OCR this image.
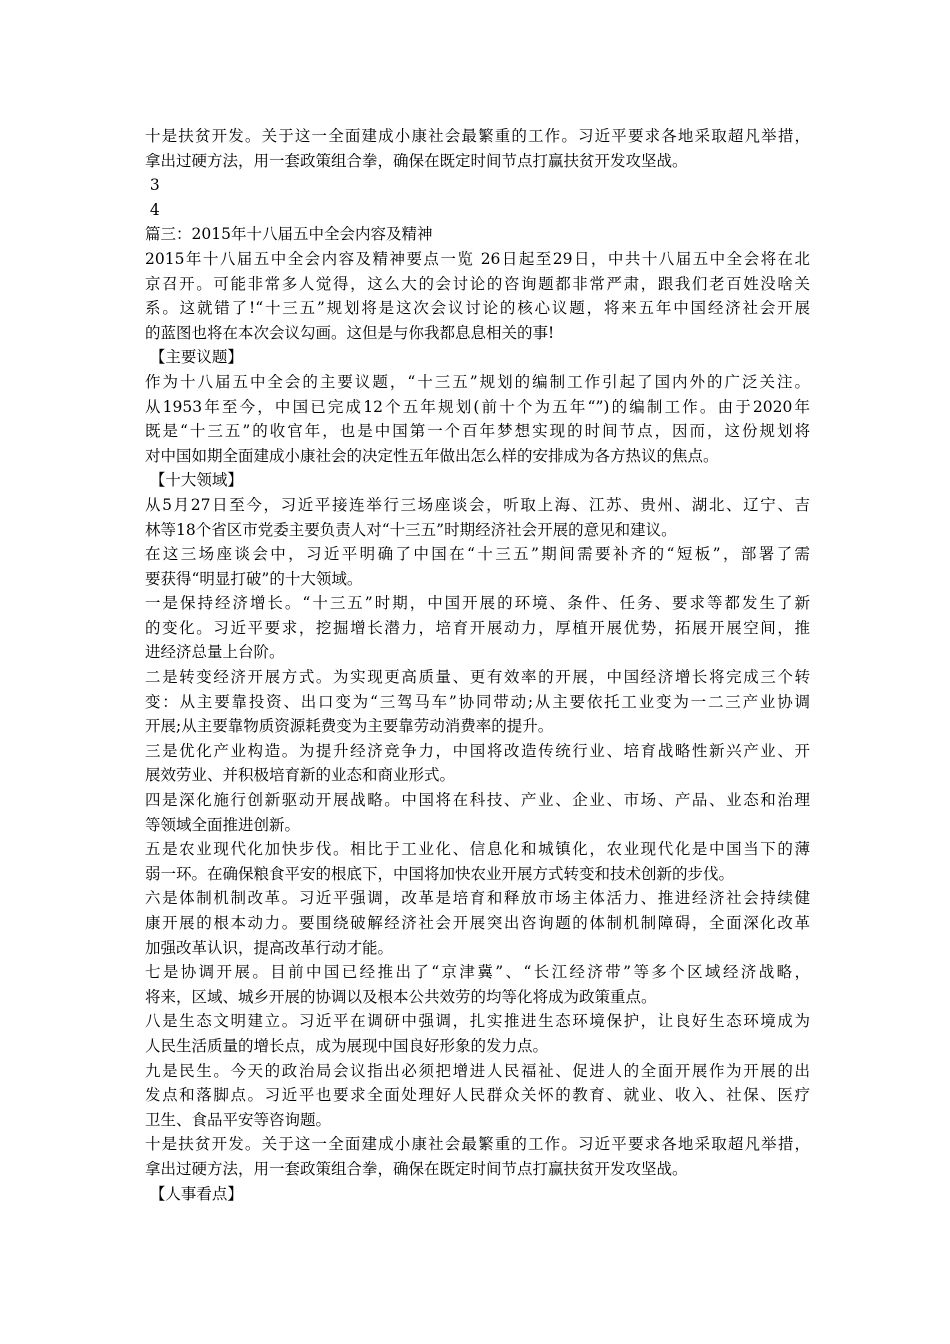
十是扶贫开发。关于这一全面建成小康社会最繁重的工作。习近平要求各地采取超凡举措，
拿出过硬方法，用一套政策组合拳，确保在既定时间节点打赢扶贫开发攻坚战。
3
4
篇三：2015年十八届五中全会内容及精神
2015年十八届五中全会内容及精神要点一览 26日起至29日，中共十八届五中全会将在北
京召开。可能非常多人觉得，这么大的会讨论的咨询题都非常严肃，跟我们老百姓没啥关
系。这就错了!“十三五”规划将是这次会议讨论的核心议题，将来五年中国经济社会开展
的蓝图也将在本次会议勾画。这但是与你我都息息相关的事!
【主要议题】
作为十八届五中全会的主要议题，“十三五”规划的编制工作引起了国内外的广泛关注。
从1953年至今，中国已完成12个五年规划(前十个为五年“”)的编制工作。由于2020年
既是“十三五”的收官年，也是中国第一个百年梦想实现的时间节点，因而，这份规划将
对中国如期全面建成小康社会的决定性五年做出怎么样的安排成为各方热议的焦点。
【十大领域】
从5月27日至今，习近平接连举行三场座谈会，听取上海、江苏、贵州、湖北、辽宁、吉
林等18个省区市党委主要负责人对“十三五”时期经济社会开展的意见和建议。
在这三场座谈会中，习近平明确了中国在“十三五”期间需要补齐的“短板”，部署了需
要获得“明显打破”的十大领域。
一是保持经济增长。“十三五”时期，中国开展的环境、条件、任务、要求等都发生了新
的变化。习近平要求，挖掘增长潜力，培育开展动力，厚植开展优势，拓展开展空间，推
进经济总量上台阶。
二是转变经济开展方式。为实现更高质量、更有效率的开展，中国经济增长将完成三个转
变：从主要靠投资、出口变为“三驾马车”协同带动;从主要依托工业变为一二三产业协调
开展;从主要靠物质资源耗费变为主要靠劳动消费率的提升。
三是优化产业构造。为提升经济竞争力，中国将改造传统行业、培育战略性新兴产业、开
展效劳业、并积极培育新的业态和商业形式。
四是深化施行创新驱动开展战略。中国将在科技、产业、企业、市场、产品、业态和治理
等领域全面推进创新。
五是农业现代化加快步伐。相比于工业化、信息化和城镇化，农业现代化是中国当下的薄
弱一环。在确保粮食平安的根底下，中国将加快农业开展方式转变和技术创新的步伐。
六是体制机制改革。习近平强调，改革是培育和释放市场主体活力、推进经济社会持续健
康开展的根本动力。要围绕破解经济社会开展突出咨询题的体制机制障碍，全面深化改革
加强改革认识，提高改革行动才能。
七是协调开展。目前中国已经推出了“京津冀”、“长江经济带”等多个区域经济战略，
将来，区域、城乡开展的协调以及根本公共效劳的均等化将成为政策重点。
八是生态文明建立。习近平在调研中强调，扎实推进生态环境保护，让良好生态环境成为
人民生活质量的增长点，成为展现中国良好形象的发力点。
九是民生。今天的政治局会议指出必须把增进人民福祉、促进人的全面开展作为开展的出
发点和落脚点。习近平也要求全面处理好人民群众关怀的教育、就业、收入、社保、医疗
卫生、食品平安等咨询题。
十是扶贫开发。关于这一全面建成小康社会最繁重的工作。习近平要求各地采取超凡举措，
拿出过硬方法，用一套政策组合拳，确保在既定时间节点打赢扶贫开发攻坚战。
【人事看点】
